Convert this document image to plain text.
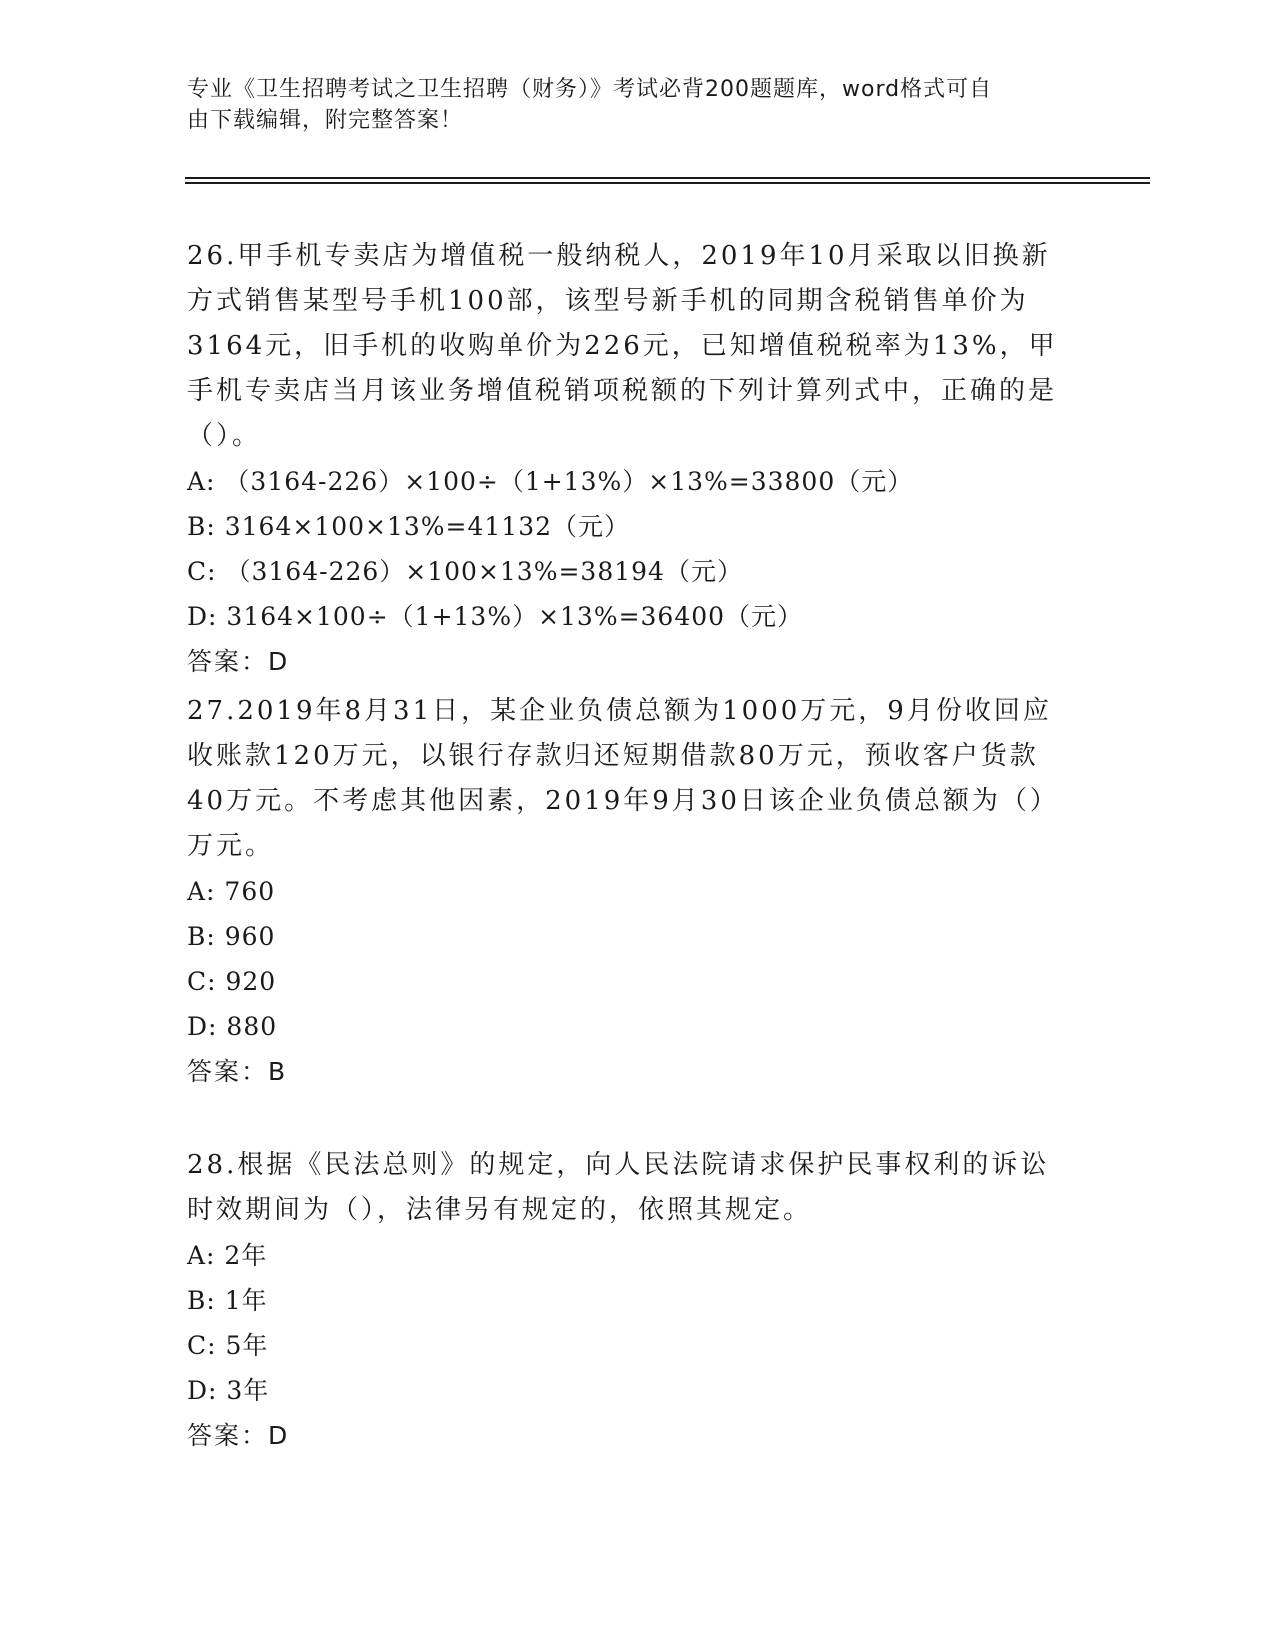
专业《卫生招聘考试之卫生招聘（财务）》考试必背200题题库，word格式可自
由下载编辑，附完整答案！

26.甲手机专卖店为增值税一般纳税人，2019年10月采取以旧换新方式销售某型号手机100部，该型号新手机的同期含税销售单价为3164元，旧手机的收购单价为226元，已知增值税税率为13%，甲手机专卖店当月该业务增值税销项税额的下列计算列式中，正确的是（）。

A: （3164-226）×100÷（1+13%）×13%=33800（元）

B: 3164×100×13%=41132（元）

C: （3164-226）×100×13%=38194（元）

D: 3164×100÷（1+13%）×13%=36400（元）

答案：D

27.2019年8月31日，某企业负债总额为1000万元，9月份收回应收账款120万元，以银行存款归还短期借款80万元，预收客户货款40万元。不考虑其他因素，2019年9月30日该企业负债总额为（）万元。

A: 760

B: 960

C: 920

D: 880

答案：B

28.根据《民法总则》的规定，向人民法院请求保护民事权利的诉讼时效期间为（），法律另有规定的，依照其规定。

A: 2年

B: 1年

C: 5年

D: 3年

答案：D
